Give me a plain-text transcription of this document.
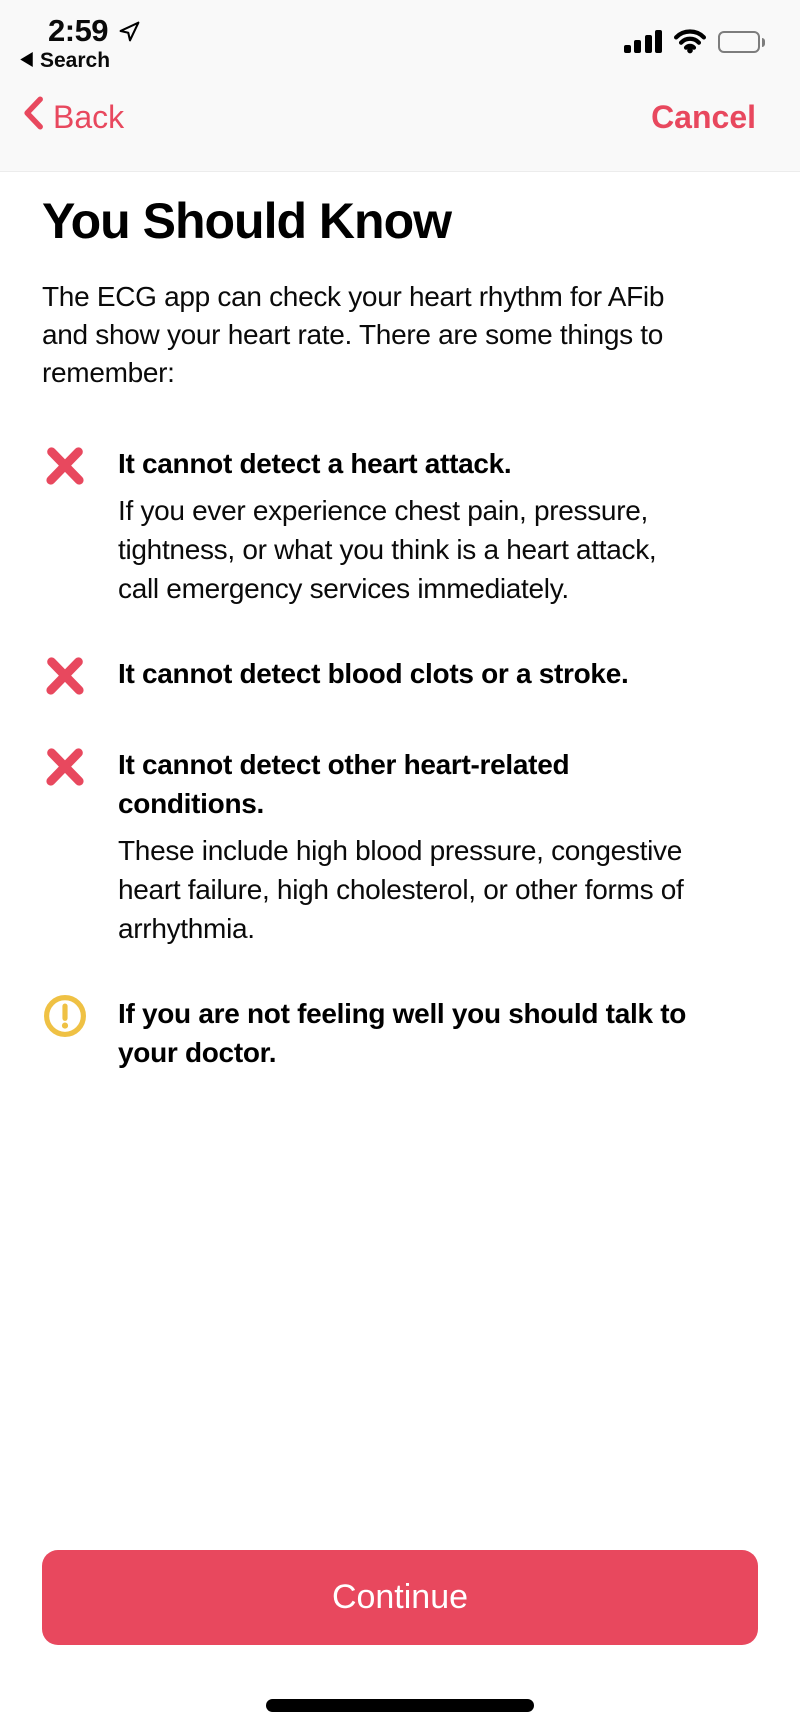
2:59
Search
Back	Cancel
You Should Know

The ECG app can check your heart rhythm for AFib and show your heart rate. There are some things to remember:

It cannot detect a heart attack.
If you ever experience chest pain, pressure, tightness, or what you think is a heart attack, call emergency services immediately.
It cannot detect blood clots or a stroke.
It cannot detect other heart-related conditions.
These include high blood pressure, congestive heart failure, high cholesterol, or other forms of arrhythmia.
If you are not feeling well you should talk to your doctor.
Continue
